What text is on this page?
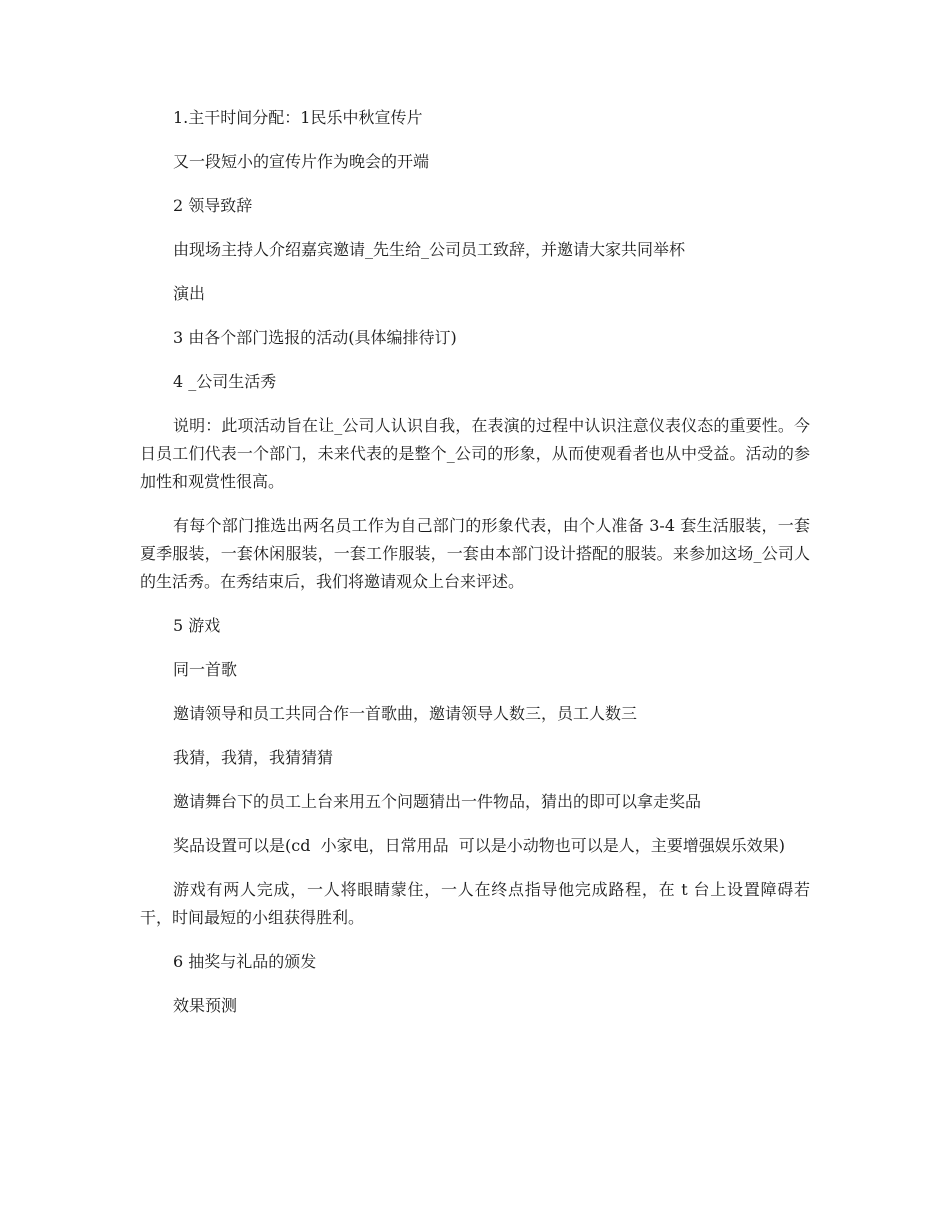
1.主干时间分配：1民乐中秋宣传片

又一段短小的宣传片作为晚会的开端

2 领导致辞

由现场主持人介绍嘉宾邀请_先生给_公司员工致辞，并邀请大家共同举杯

演出

3 由各个部门选报的活动(具体编排待订)

4 _公司生活秀

说明：此项活动旨在让_公司人认识自我，在表演的过程中认识注意仪表仪态的重要性。今日员工们代表一个部门，未来代表的是整个_公司的形象，从而使观看者也从中受益。活动的参加性和观赏性很高。

有每个部门推选出两名员工作为自己部门的形象代表，由个人准备 3-4 套生活服装，一套夏季服装，一套休闲服装，一套工作服装，一套由本部门设计搭配的服装。来参加这场_公司人的生活秀。在秀结束后，我们将邀请观众上台来评述。

5 游戏

同一首歌

邀请领导和员工共同合作一首歌曲，邀请领导人数三，员工人数三

我猜，我猜，我猜猜猜

邀请舞台下的员工上台来用五个问题猜出一件物品，猜出的即可以拿走奖品

奖品设置可以是(cd  小家电，日常用品  可以是小动物也可以是人，主要增强娱乐效果)

游戏有两人完成，一人将眼睛蒙住，一人在终点指导他完成路程，在 t 台上设置障碍若干，时间最短的小组获得胜利。

6 抽奖与礼品的颁发

效果预测
